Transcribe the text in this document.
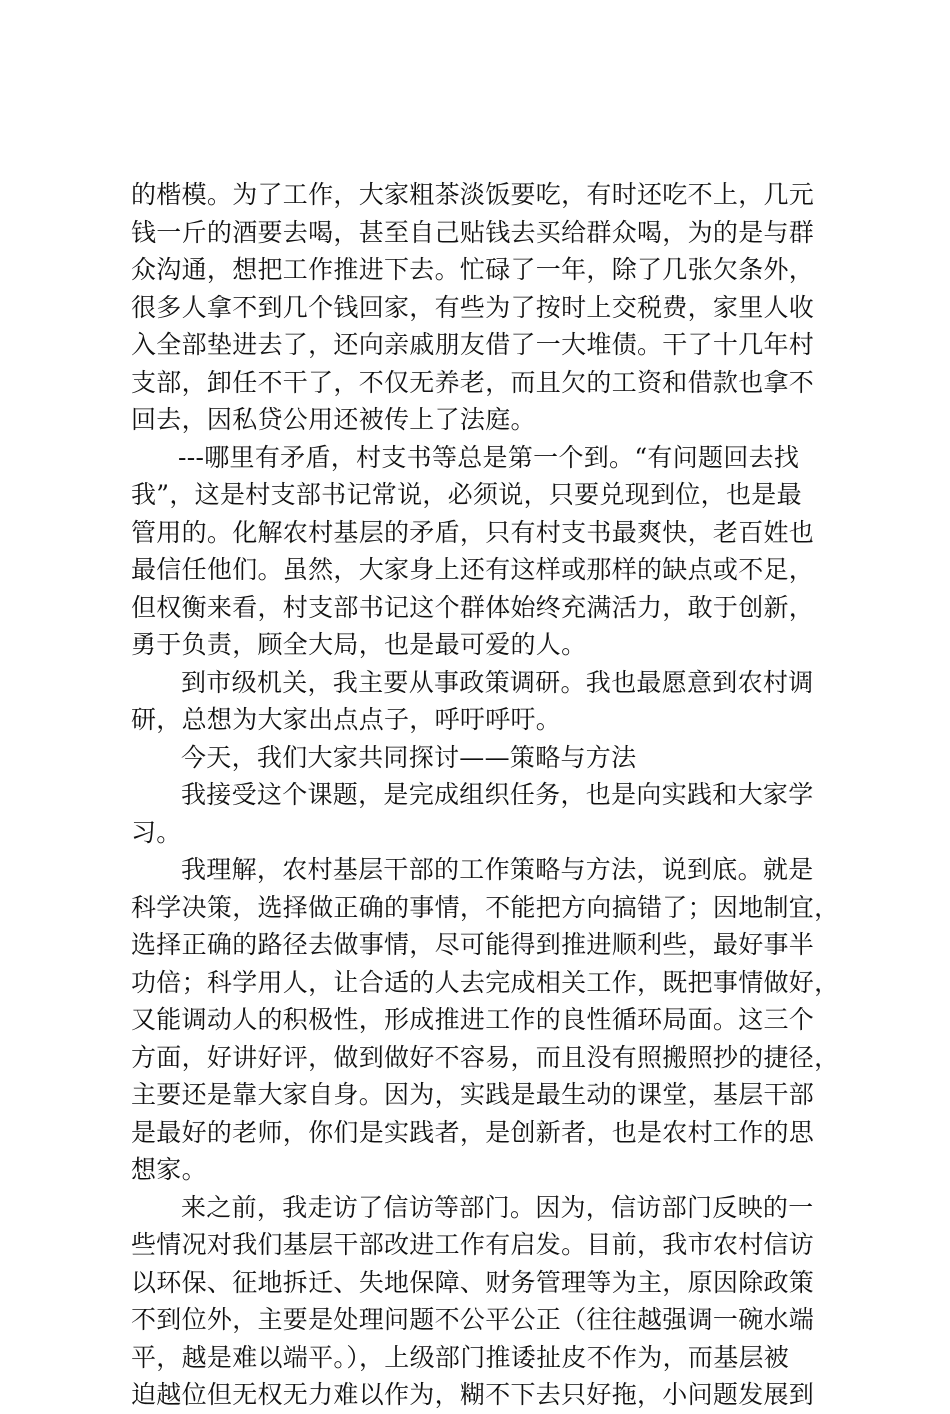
的楷模。为了工作，大家粗茶淡饭要吃，有时还吃不上，几元
钱一斤的酒要去喝，甚至自己贴钱去买给群众喝，为的是与群
众沟通，想把工作推进下去。忙碌了一年，除了几张欠条外，
很多人拿不到几个钱回家，有些为了按时上交税费，家里人收
入全部垫进去了，还向亲戚朋友借了一大堆债。干了十几年村
支部，卸任不干了，不仅无养老，而且欠的工资和借款也拿不
回去，因私贷公用还被传上了法庭。
---哪里有矛盾，村支书等总是第一个到。“有问题回去找
我”，这是村支部书记常说，必须说，只要兑现到位，也是最
管用的。化解农村基层的矛盾，只有村支书最爽快，老百姓也
最信任他们。虽然，大家身上还有这样或那样的缺点或不足，
但权衡来看，村支部书记这个群体始终充满活力，敢于创新，
勇于负责，顾全大局，也是最可爱的人。
到市级机关，我主要从事政策调研。我也最愿意到农村调
研，总想为大家出点点子，呼吁呼吁。
今天，我们大家共同探讨——策略与方法
我接受这个课题，是完成组织任务，也是向实践和大家学
习。
我理解，农村基层干部的工作策略与方法，说到底。就是
科学决策，选择做正确的事情，不能把方向搞错了；因地制宜，
选择正确的路径去做事情，尽可能得到推进顺利些，最好事半
功倍；科学用人，让合适的人去完成相关工作，既把事情做好，
又能调动人的积极性，形成推进工作的良性循环局面。这三个
方面，好讲好评，做到做好不容易，而且没有照搬照抄的捷径，
主要还是靠大家自身。因为，实践是最生动的课堂，基层干部
是最好的老师，你们是实践者，是创新者，也是农村工作的思
想家。
来之前，我走访了信访等部门。因为，信访部门反映的一
些情况对我们基层干部改进工作有启发。目前，我市农村信访
以环保、征地拆迁、失地保障、财务管理等为主，原因除政策
不到位外，主要是处理问题不公平公正（往往越强调一碗水端
平，越是难以端平。），上级部门推诿扯皮不作为，而基层被
迫越位但无权无力难以作为，糊不下去只好拖，小问题发展到
